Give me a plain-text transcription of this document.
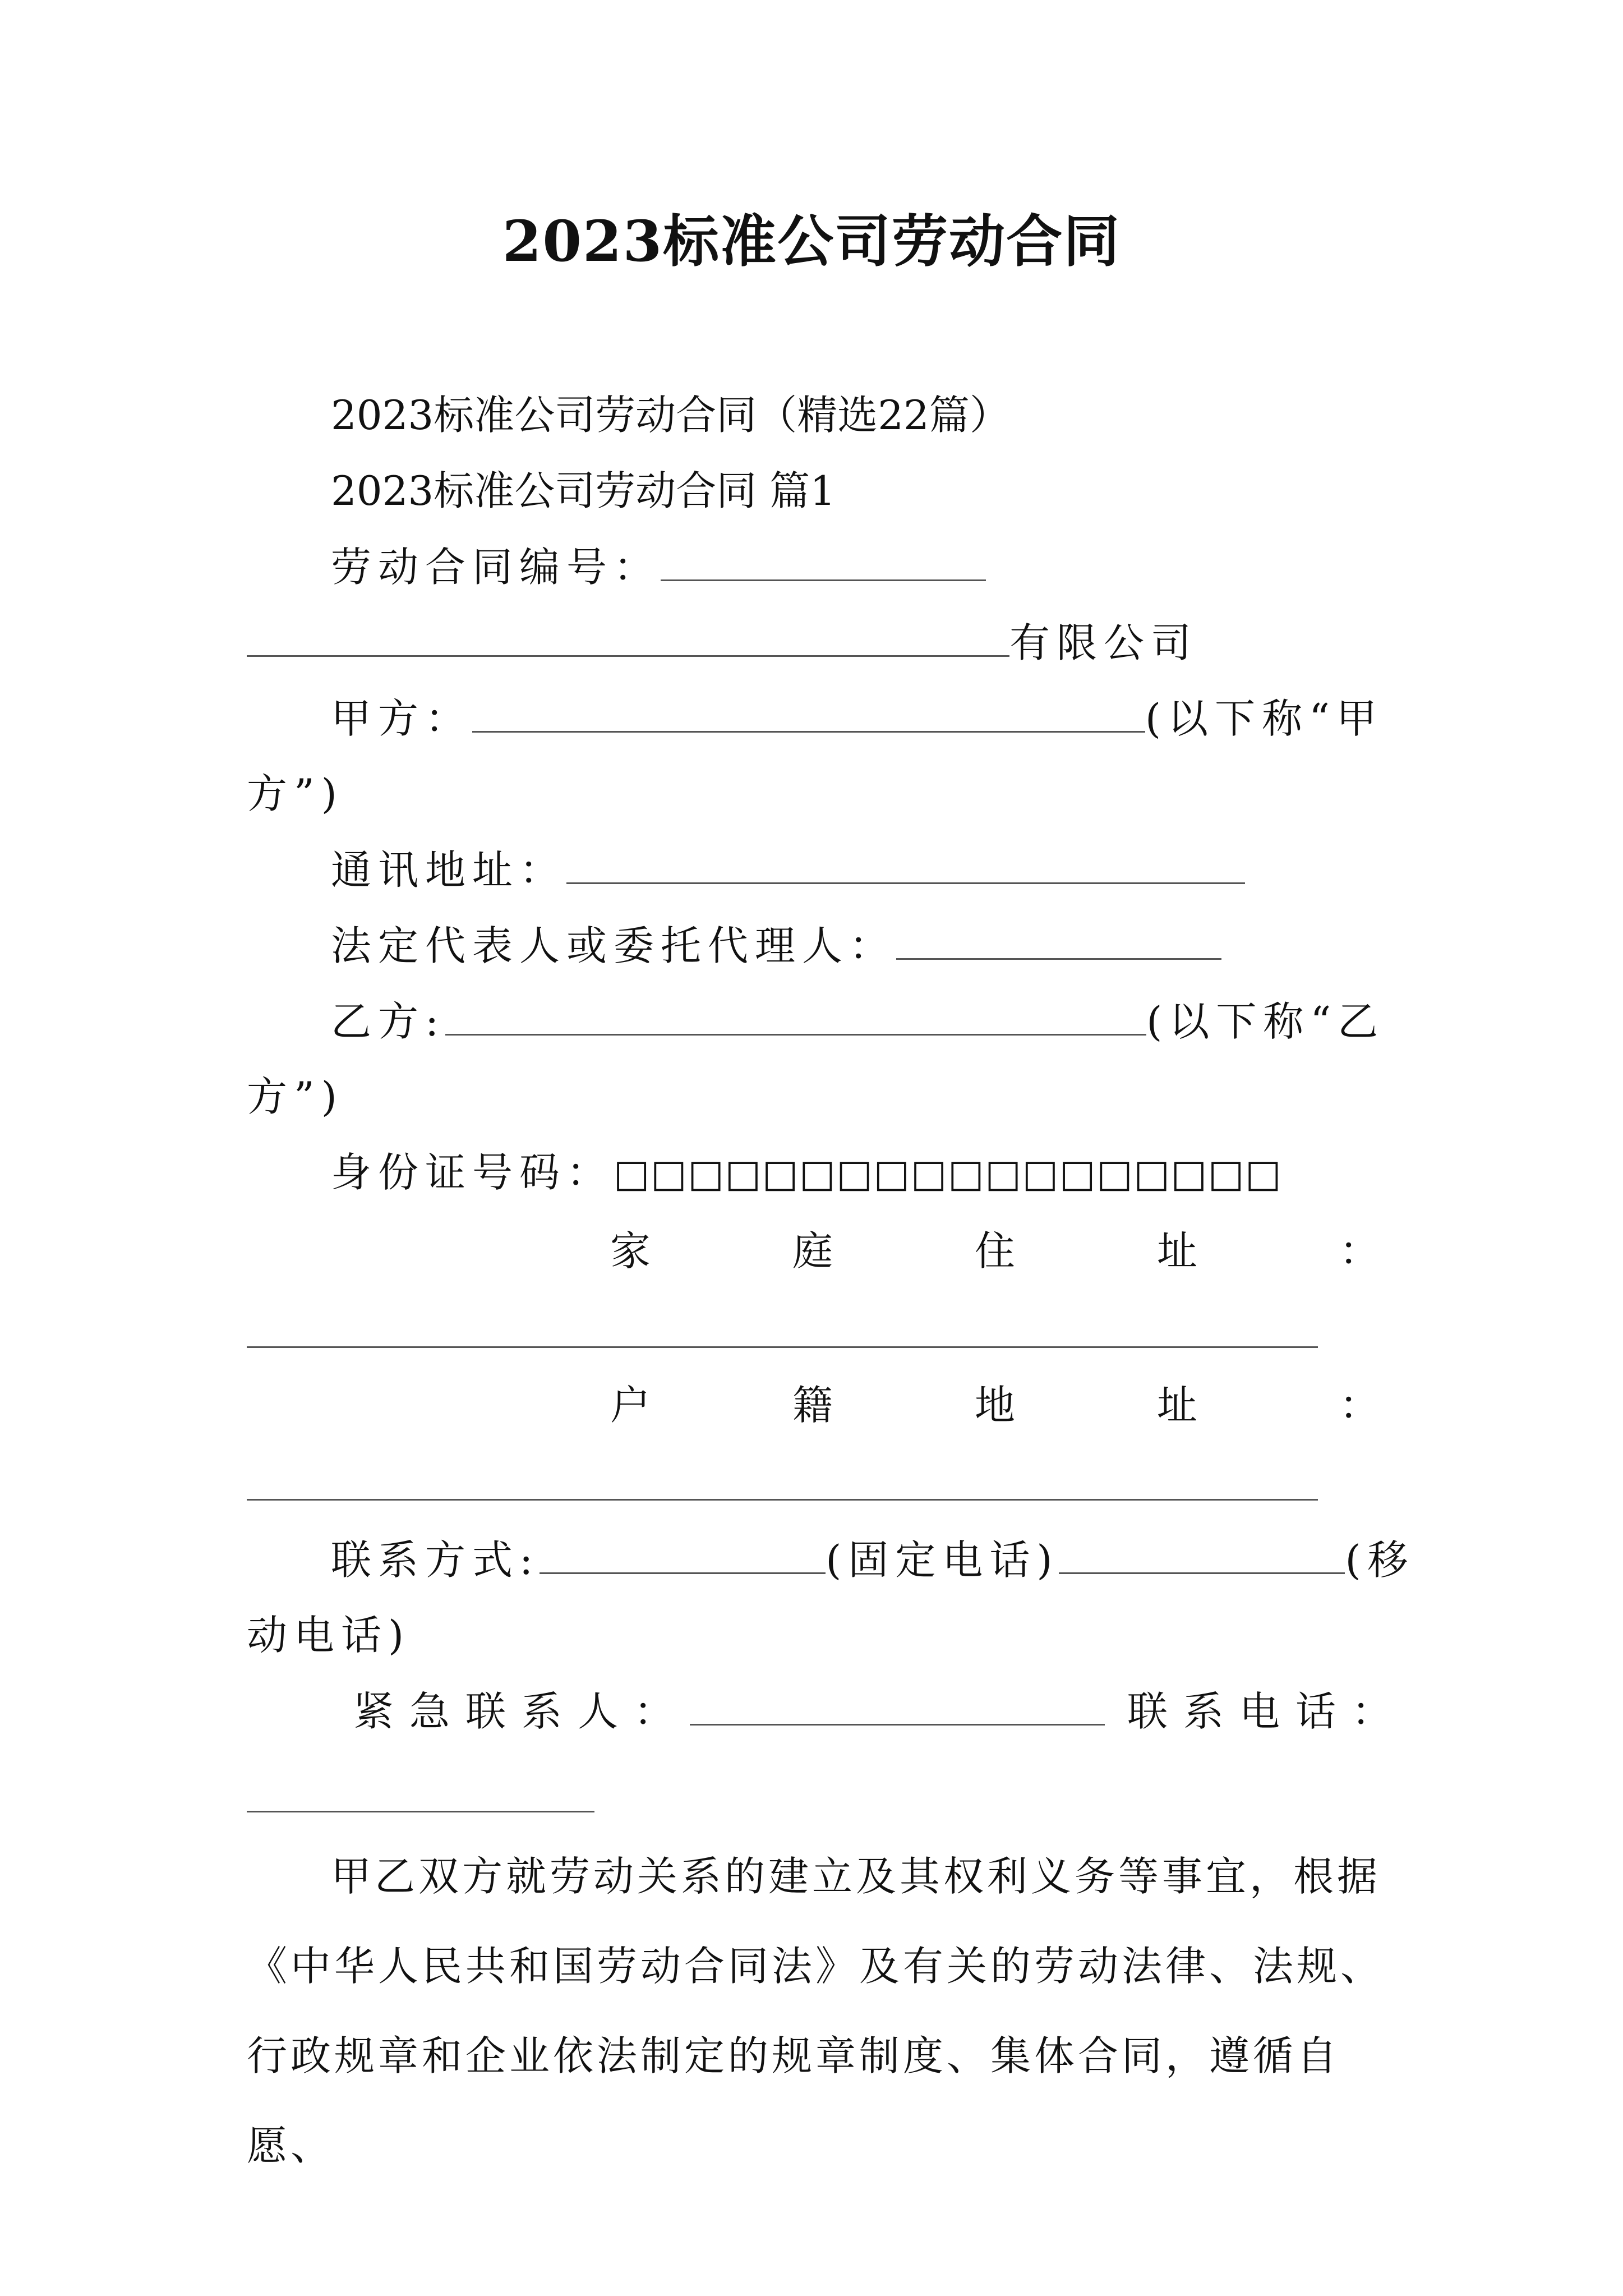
2023标准公司劳动合同
2023标准公司劳动合同（精选22篇）
2023标准公司劳动合同 篇1
劳动合同编号：
有限公司
甲方：	(以下称“甲
方”)
通讯地址：
法定代表人或委托代理人：
乙方:	(以下称“乙
方”)
身份证号码：□□□□□□□□□□□□□□□□□□
家	庭	住	址	：
户	籍	地	址	：
联系方式:	(固定电话)	(移
动电话)
紧急联系人：	联系电话：
甲乙双方就劳动关系的建立及其权利义务等事宜，根据《中华人民共和国劳动合同法》及有关的劳动法律、法规、行政规章和企业依法制定的规章制度、集体合同，遵循自愿、
